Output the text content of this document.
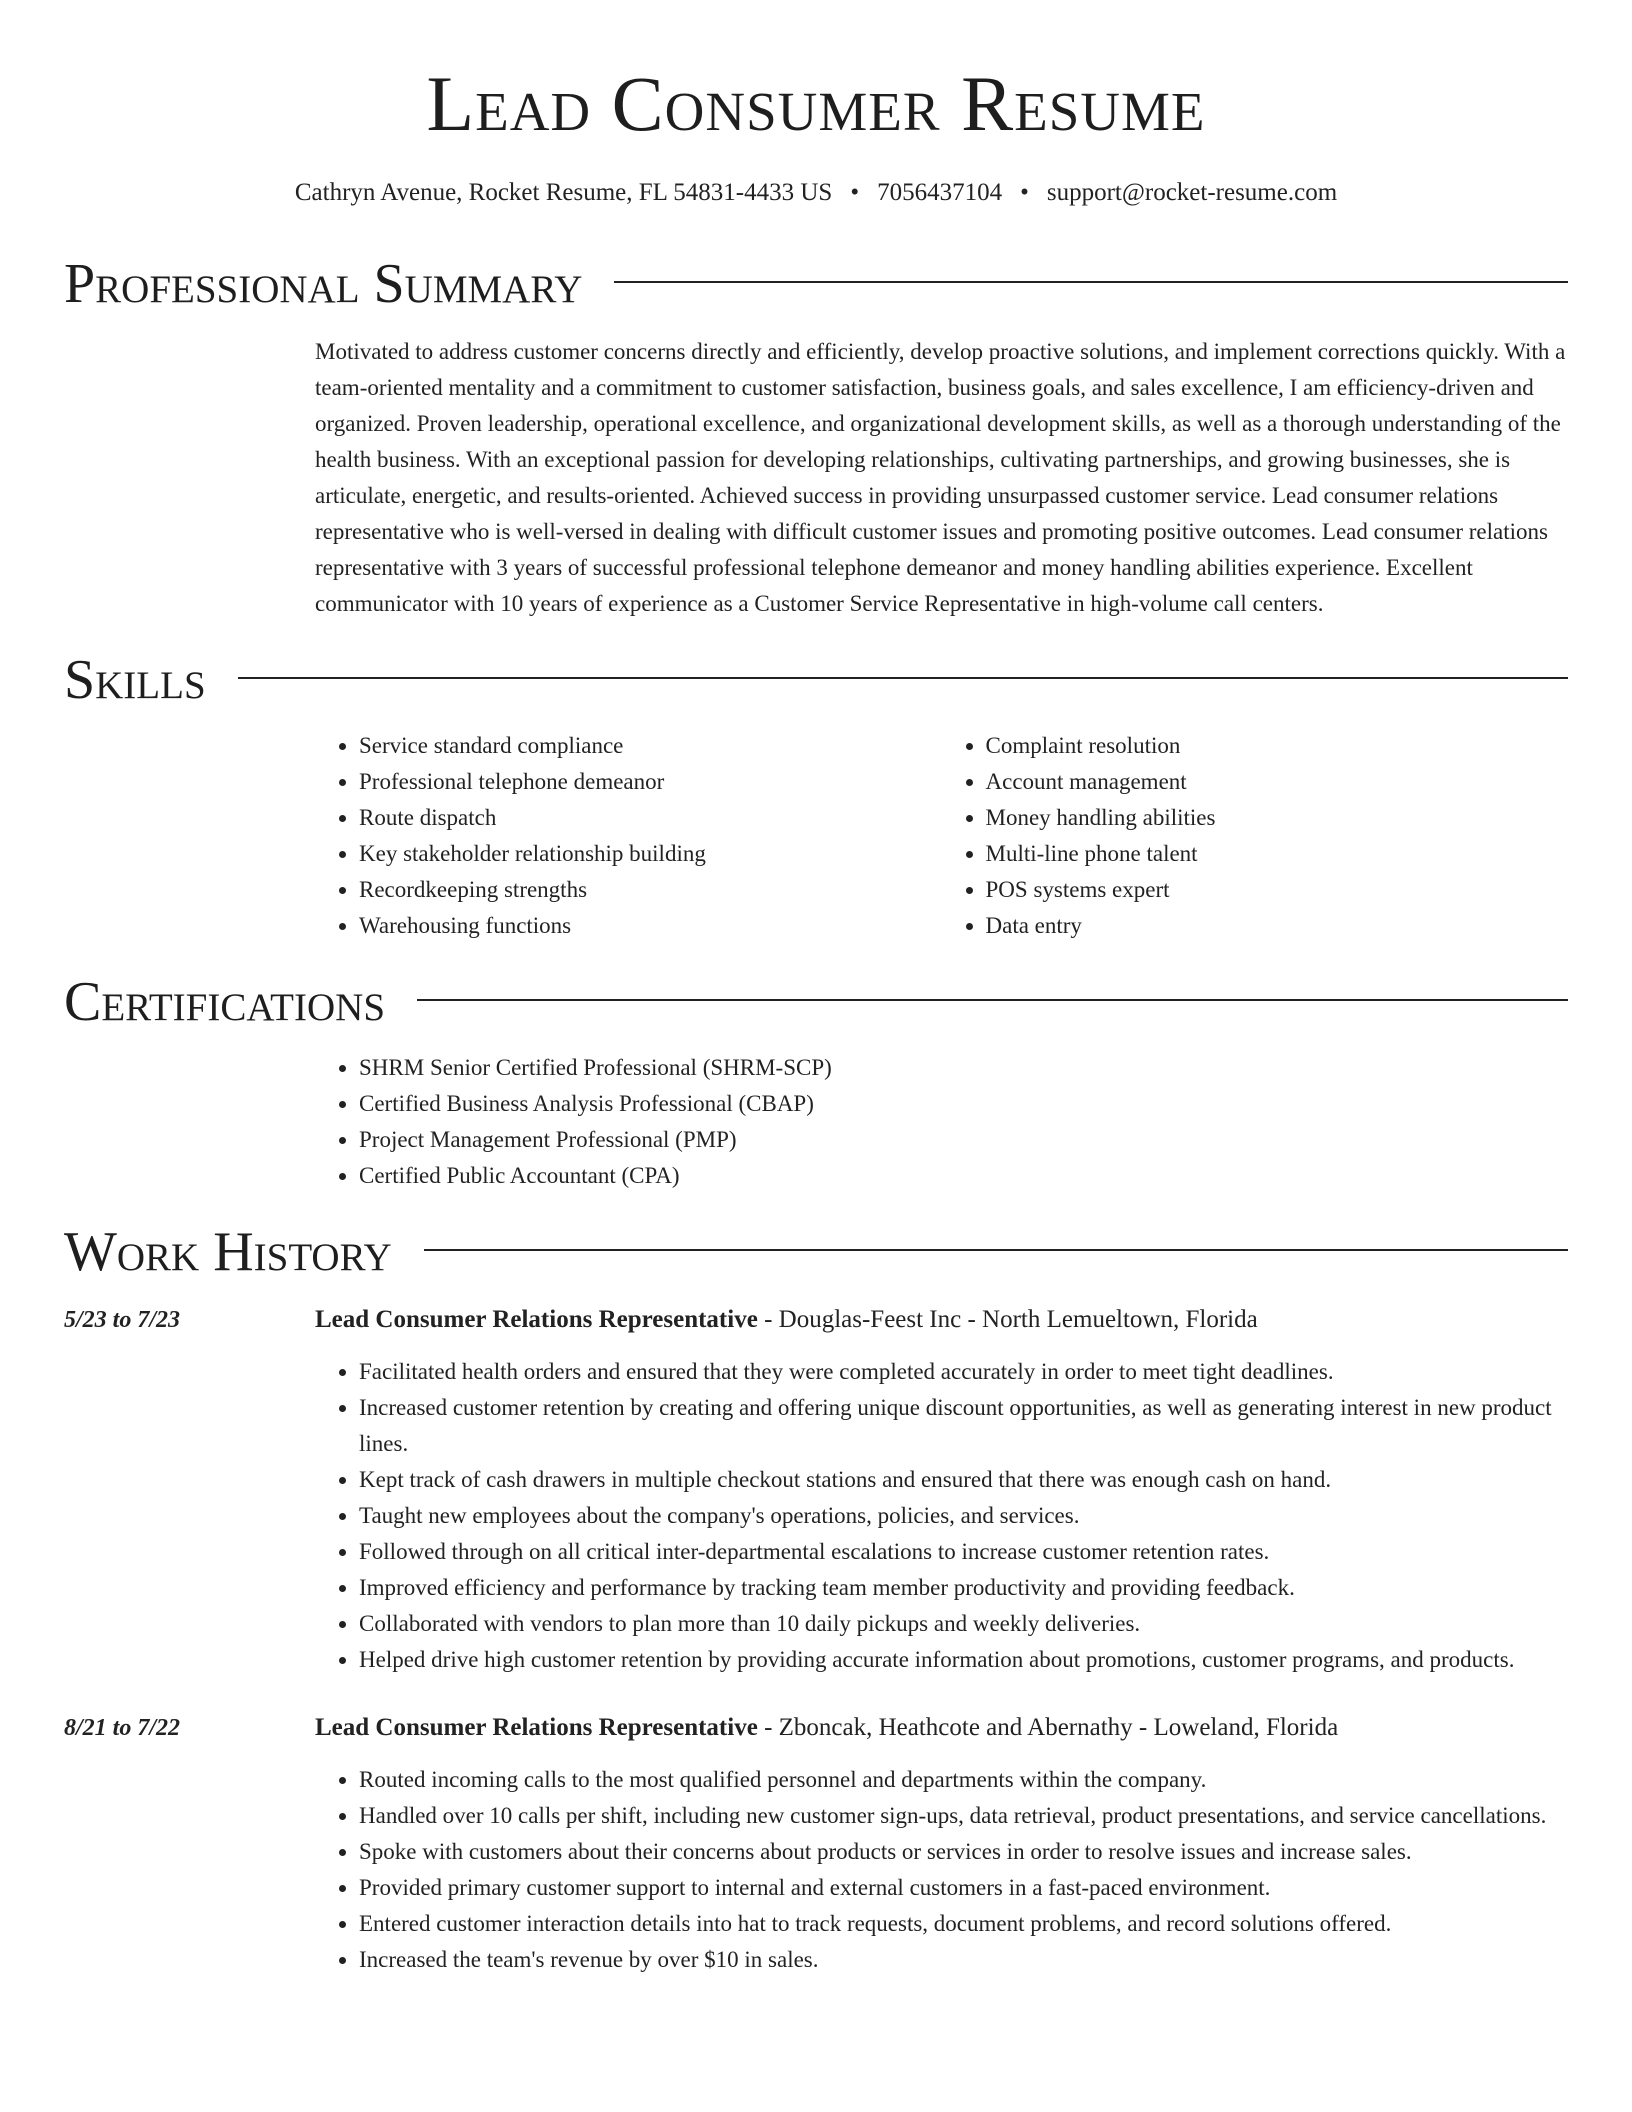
Lead Consumer Resume
Cathryn Avenue, Rocket Resume, FL 54831-4433 US • 7056437104 • support@rocket-resume.com
Professional Summary
Motivated to address customer concerns directly and efficiently, develop proactive solutions, and implement corrections quickly. With a team-oriented mentality and a commitment to customer satisfaction, business goals, and sales excellence, I am efficiency-driven and organized. Proven leadership, operational excellence, and organizational development skills, as well as a thorough understanding of the health business. With an exceptional passion for developing relationships, cultivating partnerships, and growing businesses, she is articulate, energetic, and results-oriented. Achieved success in providing unsurpassed customer service. Lead consumer relations representative who is well-versed in dealing with difficult customer issues and promoting positive outcomes. Lead consumer relations representative with 3 years of successful professional telephone demeanor and money handling abilities experience. Excellent communicator with 10 years of experience as a Customer Service Representative in high-volume call centers.
Skills
• Service standard compliance
• Professional telephone demeanor
• Route dispatch
• Key stakeholder relationship building
• Recordkeeping strengths
• Warehousing functions
• Complaint resolution
• Account management
• Money handling abilities
• Multi-line phone talent
• POS systems expert
• Data entry
Certifications
• SHRM Senior Certified Professional (SHRM-SCP)
• Certified Business Analysis Professional (CBAP)
• Project Management Professional (PMP)
• Certified Public Accountant (CPA)
Work History
5/23 to 7/23	Lead Consumer Relations Representative - Douglas-Feest Inc - North Lemueltown, Florida
• Facilitated health orders and ensured that they were completed accurately in order to meet tight deadlines.
• Increased customer retention by creating and offering unique discount opportunities, as well as generating interest in new product lines.
• Kept track of cash drawers in multiple checkout stations and ensured that there was enough cash on hand.
• Taught new employees about the company's operations, policies, and services.
• Followed through on all critical inter-departmental escalations to increase customer retention rates.
• Improved efficiency and performance by tracking team member productivity and providing feedback.
• Collaborated with vendors to plan more than 10 daily pickups and weekly deliveries.
• Helped drive high customer retention by providing accurate information about promotions, customer programs, and products.
8/21 to 7/22	Lead Consumer Relations Representative - Zboncak, Heathcote and Abernathy - Loweland, Florida
• Routed incoming calls to the most qualified personnel and departments within the company.
• Handled over 10 calls per shift, including new customer sign-ups, data retrieval, product presentations, and service cancellations.
• Spoke with customers about their concerns about products or services in order to resolve issues and increase sales.
• Provided primary customer support to internal and external customers in a fast-paced environment.
• Entered customer interaction details into hat to track requests, document problems, and record solutions offered.
• Increased the team's revenue by over $10 in sales.
